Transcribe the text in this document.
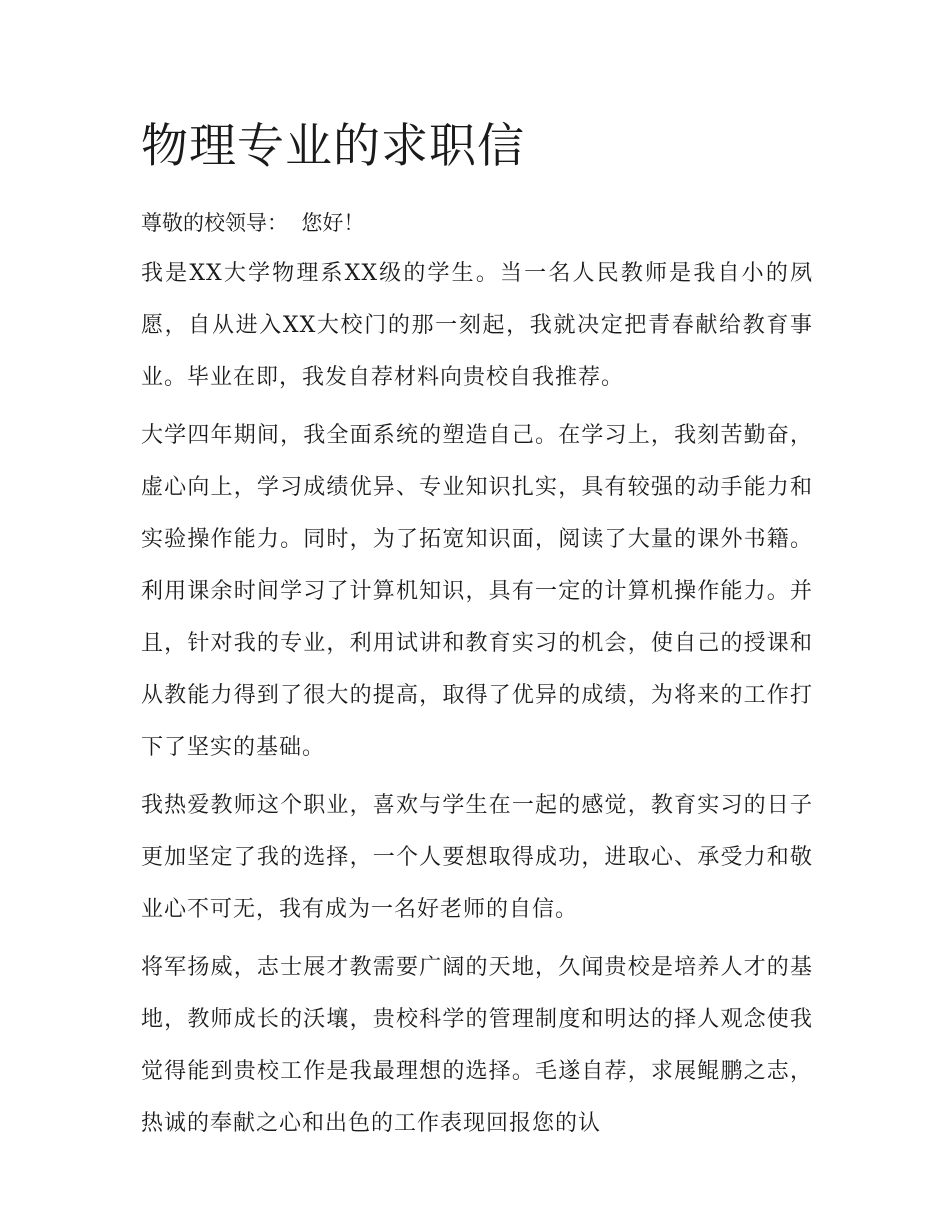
物理专业的求职信

尊敬的校领导：  您好！

我是XX大学物理系XX级的学生。当一名人民教师是我自小的夙愿，自从进入XX大校门的那一刻起，我就决定把青春献给教育事业。毕业在即，我发自荐材料向贵校自我推荐。

大学四年期间，我全面系统的塑造自己。在学习上，我刻苦勤奋，虚心向上，学习成绩优异、专业知识扎实，具有较强的动手能力和实验操作能力。同时，为了拓宽知识面，阅读了大量的课外书籍。利用课余时间学习了计算机知识，具有一定的计算机操作能力。并且，针对我的专业，利用试讲和教育实习的机会，使自己的授课和从教能力得到了很大的提高，取得了优异的成绩，为将来的工作打下了坚实的基础。

我热爱教师这个职业，喜欢与学生在一起的感觉，教育实习的日子更加坚定了我的选择，一个人要想取得成功，进取心、承受力和敬业心不可无，我有成为一名好老师的自信。

将军扬威，志士展才教需要广阔的天地，久闻贵校是培养人才的基地，教师成长的沃壤，贵校科学的管理制度和明达的择人观念使我觉得能到贵校工作是我最理想的选择。毛遂自荐，求展鲲鹏之志，热诚的奉献之心和出色的工作表现回报您的认
